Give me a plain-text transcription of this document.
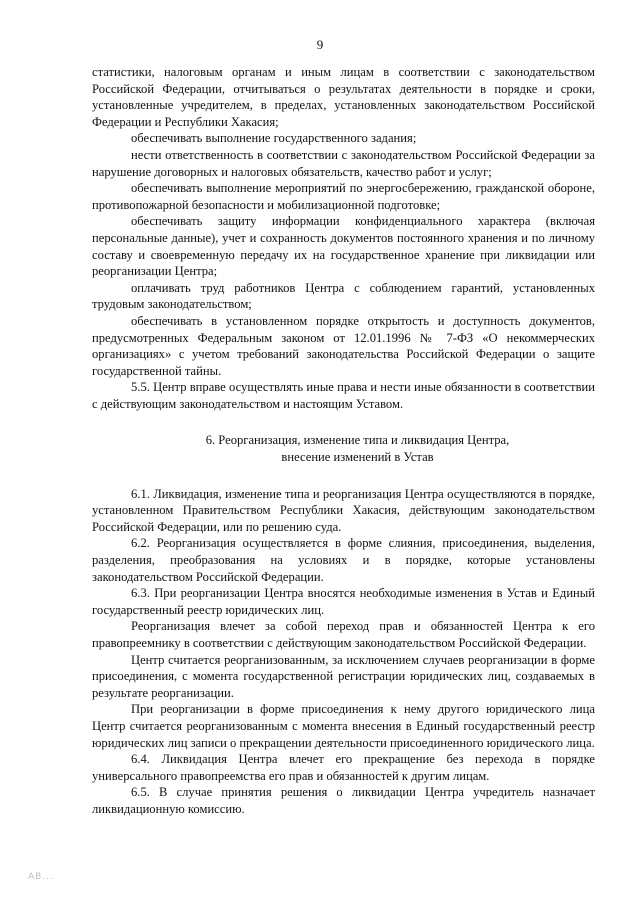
9

статистики, налоговым органам и иным лицам в соответствии с законодательством Российской Федерации, отчитываться о результатах деятельности в порядке и сроки, установленные учредителем, в пределах, установленных законодательством Российской Федерации и Республики Хакасия;

обеспечивать выполнение государственного задания;

нести ответственность в соответствии с законодательством Российской Федерации за нарушение договорных и налоговых обязательств, качество работ и услуг;

обеспечивать выполнение мероприятий по энергосбережению, гражданской обороне, противопожарной безопасности и мобилизационной подготовке;

обеспечивать защиту информации конфиденциального характера (включая персональные данные), учет и сохранность документов постоянного хранения и по личному составу и своевременную передачу их на государственное хранение при ликвидации или реорганизации Центра;

оплачивать труд работников Центра с соблюдением гарантий, установленных трудовым законодательством;

обеспечивать в установленном порядке открытость и доступность документов, предусмотренных Федеральным законом от 12.01.1996 № 7-ФЗ «О некоммерческих организациях» с учетом требований законодательства Российской Федерации о защите государственной тайны.

5.5. Центр вправе осуществлять иные права и нести иные обязанности в соответствии с действующим законодательством и настоящим Уставом.

6. Реорганизация, изменение типа и ликвидация Центра,
внесение изменений в Устав

6.1. Ликвидация, изменение типа и реорганизация Центра осуществляются в порядке, установленном Правительством Республики Хакасия, действующим законодательством Российской Федерации, или по решению суда.

6.2. Реорганизация осуществляется в форме слияния, присоединения, выделения, разделения, преобразования на условиях и в порядке, которые установлены законодательством Российской Федерации.

6.3. При реорганизации Центра вносятся необходимые изменения в Устав и Единый государственный реестр юридических лиц.

Реорганизация влечет за собой переход прав и обязанностей Центра к его правопреемнику в соответствии с действующим законодательством Российской Федерации.

Центр считается реорганизованным, за исключением случаев реорганизации в форме присоединения, с момента государственной регистрации юридических лиц, создаваемых в результате реорганизации.

При реорганизации в форме присоединения к нему другого юридического лица Центр считается реорганизованным с момента внесения в Единый государственный реестр юридических лиц записи о прекращении деятельности присоединенного юридического лица.

6.4. Ликвидация Центра влечет его прекращение без перехода в порядке универсального правопреемства его прав и обязанностей к другим лицам.

6.5. В случае принятия решения о ликвидации Центра учредитель назначает ликвидационную комиссию.

АВ...
